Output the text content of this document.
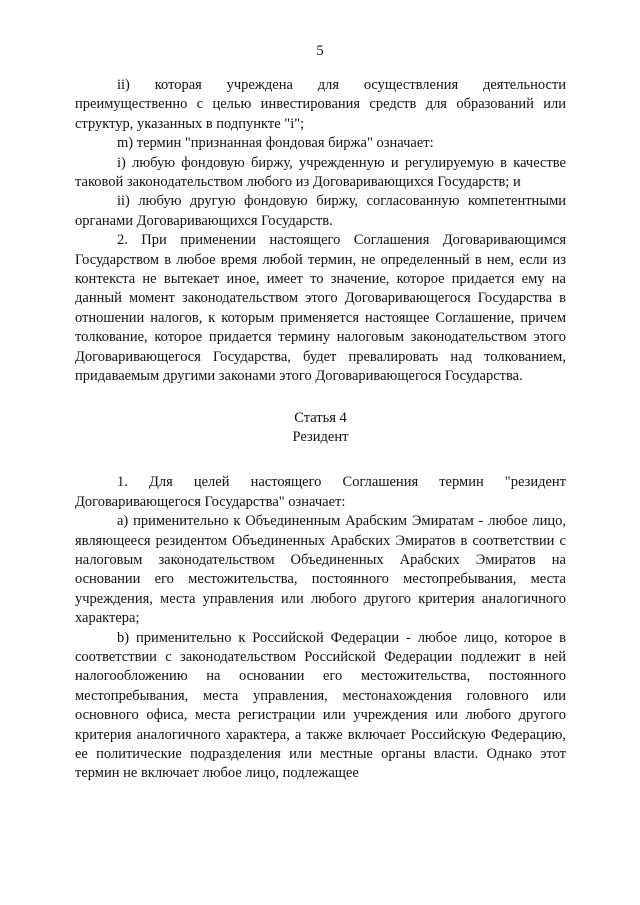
5

ii) которая учреждена для осуществления деятельности преимущественно с целью инвестирования средств для образований или структур, указанных в подпункте "i";

m) термин "признанная фондовая биржа" означает:

i) любую фондовую биржу, учрежденную и регулируемую в качестве таковой законодательством любого из Договаривающихся Государств; и

ii) любую другую фондовую биржу, согласованную компетентными органами Договаривающихся Государств.

2. При применении настоящего Соглашения Договаривающимся Государством в любое время любой термин, не определенный в нем, если из контекста не вытекает иное, имеет то значение, которое придается ему на данный момент законодательством этого Договаривающегося Государства в отношении налогов, к которым применяется настоящее Соглашение, причем толкование, которое придается термину налоговым законодательством этого Договаривающегося Государства, будет превалировать над толкованием, придаваемым другими законами этого Договаривающегося Государства.

Статья 4
Резидент

1. Для целей настоящего Соглашения термин "резидент Договаривающегося Государства" означает:

a) применительно к Объединенным Арабским Эмиратам - любое лицо, являющееся резидентом Объединенных Арабских Эмиратов в соответствии с налоговым законодательством Объединенных Арабских Эмиратов на основании его местожительства, постоянного местопребывания, места учреждения, места управления или любого другого критерия аналогичного характера;

b) применительно к Российской Федерации - любое лицо, которое в соответствии с законодательством Российской Федерации подлежит в ней налогообложению на основании его местожительства, постоянного местопребывания, места управления, местонахождения головного или основного офиса, места регистрации или учреждения или любого другого критерия аналогичного характера, а также включает Российскую Федерацию, ее политические подразделения или местные органы власти. Однако этот термин не включает любое лицо, подлежащее
